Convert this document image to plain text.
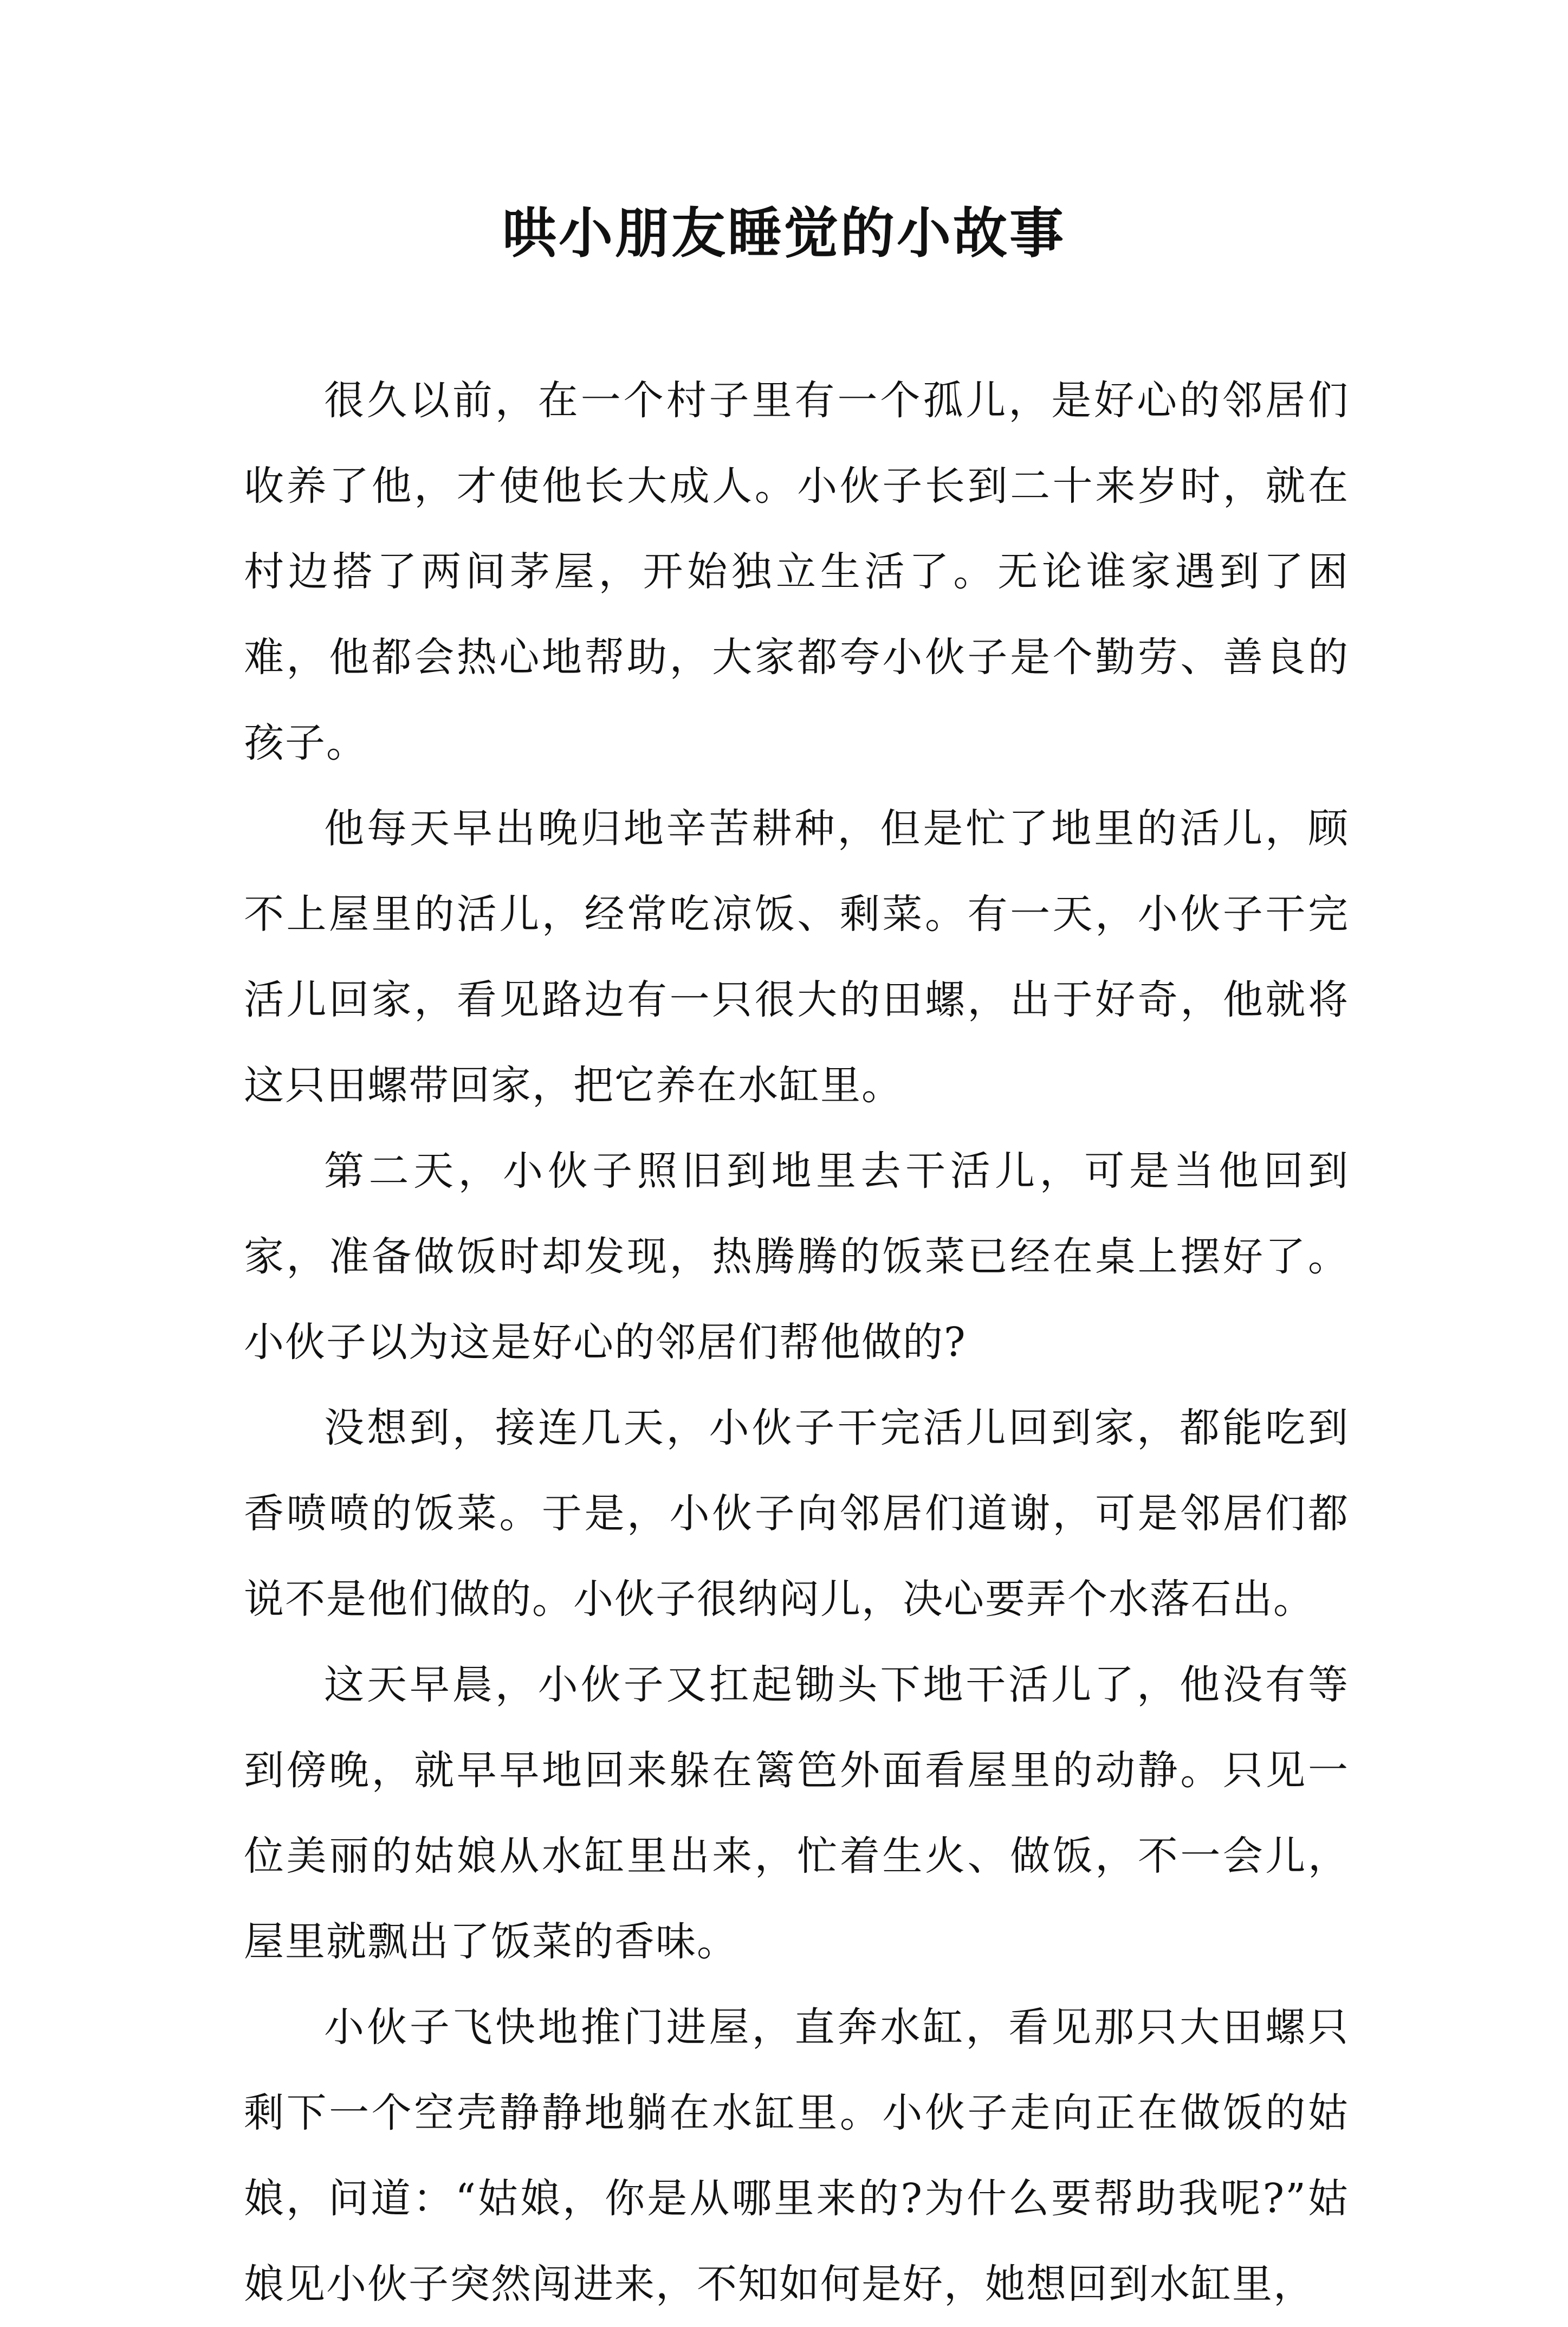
哄小朋友睡觉的小故事

很久以前，在一个村子里有一个孤儿，是好心的邻居们收养了他，才使他长大成人。小伙子长到二十来岁时，就在村边搭了两间茅屋，开始独立生活了。无论谁家遇到了困难，他都会热心地帮助，大家都夸小伙子是个勤劳、善良的孩子。

他每天早出晚归地辛苦耕种，但是忙了地里的活儿，顾不上屋里的活儿，经常吃凉饭、剩菜。有一天，小伙子干完活儿回家，看见路边有一只很大的田螺，出于好奇，他就将这只田螺带回家，把它养在水缸里。

第二天，小伙子照旧到地里去干活儿，可是当他回到家，准备做饭时却发现，热腾腾的饭菜已经在桌上摆好了。小伙子以为这是好心的邻居们帮他做的?

没想到，接连几天，小伙子干完活儿回到家，都能吃到香喷喷的饭菜。于是，小伙子向邻居们道谢，可是邻居们都说不是他们做的。小伙子很纳闷儿，决心要弄个水落石出。

这天早晨，小伙子又扛起锄头下地干活儿了，他没有等到傍晚，就早早地回来躲在篱笆外面看屋里的动静。只见一位美丽的姑娘从水缸里出来，忙着生火、做饭，不一会儿，屋里就飘出了饭菜的香味。

小伙子飞快地推门进屋，直奔水缸，看见那只大田螺只剩下一个空壳静静地躺在水缸里。小伙子走向正在做饭的姑娘，问道：“姑娘，你是从哪里来的?为什么要帮助我呢?”姑娘见小伙子突然闯进来，不知如何是好，她想回到水缸里，
